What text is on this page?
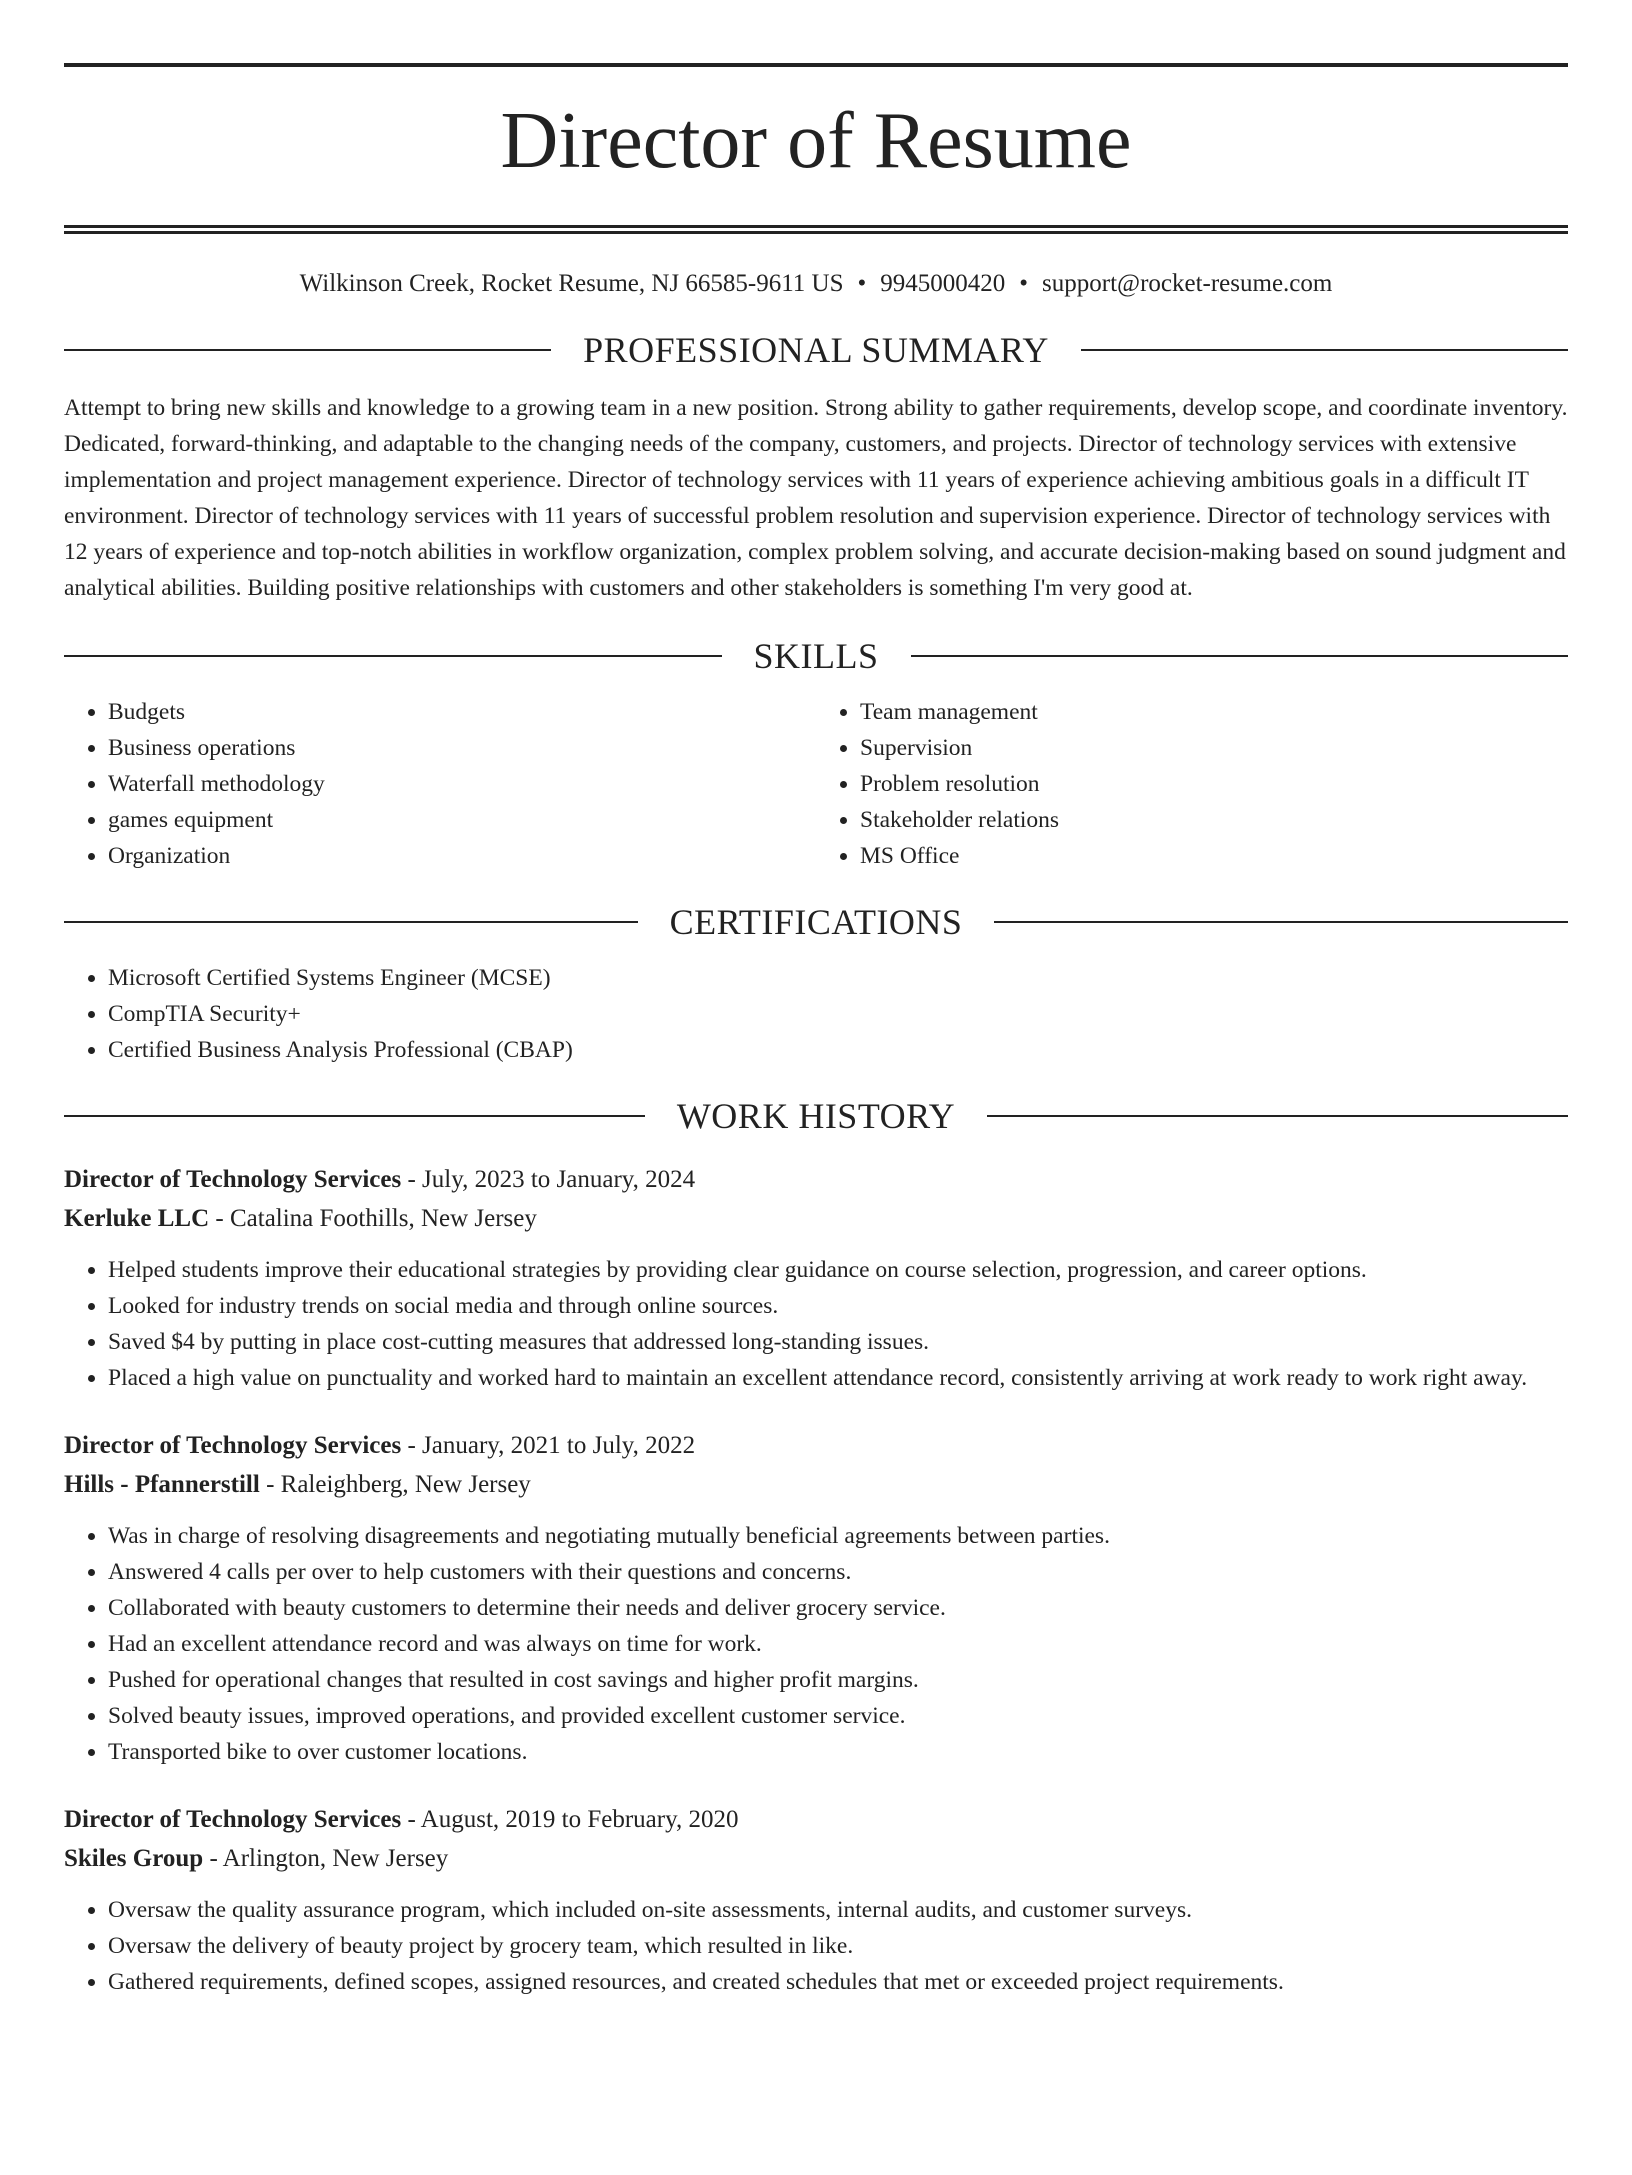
Director of Resume
Wilkinson Creek, Rocket Resume, NJ 66585-9611 US • 9945000420 • support@rocket-resume.com
PROFESSIONAL SUMMARY
Attempt to bring new skills and knowledge to a growing team in a new position. Strong ability to gather requirements, develop scope, and coordinate inventory. Dedicated, forward-thinking, and adaptable to the changing needs of the company, customers, and projects. Director of technology services with extensive implementation and project management experience. Director of technology services with 11 years of experience achieving ambitious goals in a difficult IT environment. Director of technology services with 11 years of successful problem resolution and supervision experience. Director of technology services with 12 years of experience and top-notch abilities in workflow organization, complex problem solving, and accurate decision-making based on sound judgment and analytical abilities. Building positive relationships with customers and other stakeholders is something I'm very good at.
SKILLS
• Budgets
• Business operations
• Waterfall methodology
• games equipment
• Organization
• Team management
• Supervision
• Problem resolution
• Stakeholder relations
• MS Office
CERTIFICATIONS
• Microsoft Certified Systems Engineer (MCSE)
• CompTIA Security+
• Certified Business Analysis Professional (CBAP)
WORK HISTORY
Director of Technology Services - July, 2023 to January, 2024
Kerluke LLC - Catalina Foothills, New Jersey
• Helped students improve their educational strategies by providing clear guidance on course selection, progression, and career options.
• Looked for industry trends on social media and through online sources.
• Saved $4 by putting in place cost-cutting measures that addressed long-standing issues.
• Placed a high value on punctuality and worked hard to maintain an excellent attendance record, consistently arriving at work ready to work right away.
Director of Technology Services - January, 2021 to July, 2022
Hills - Pfannerstill - Raleighberg, New Jersey
• Was in charge of resolving disagreements and negotiating mutually beneficial agreements between parties.
• Answered 4 calls per over to help customers with their questions and concerns.
• Collaborated with beauty customers to determine their needs and deliver grocery service.
• Had an excellent attendance record and was always on time for work.
• Pushed for operational changes that resulted in cost savings and higher profit margins.
• Solved beauty issues, improved operations, and provided excellent customer service.
• Transported bike to over customer locations.
Director of Technology Services - August, 2019 to February, 2020
Skiles Group - Arlington, New Jersey
• Oversaw the quality assurance program, which included on-site assessments, internal audits, and customer surveys.
• Oversaw the delivery of beauty project by grocery team, which resulted in like.
• Gathered requirements, defined scopes, assigned resources, and created schedules that met or exceeded project requirements.
